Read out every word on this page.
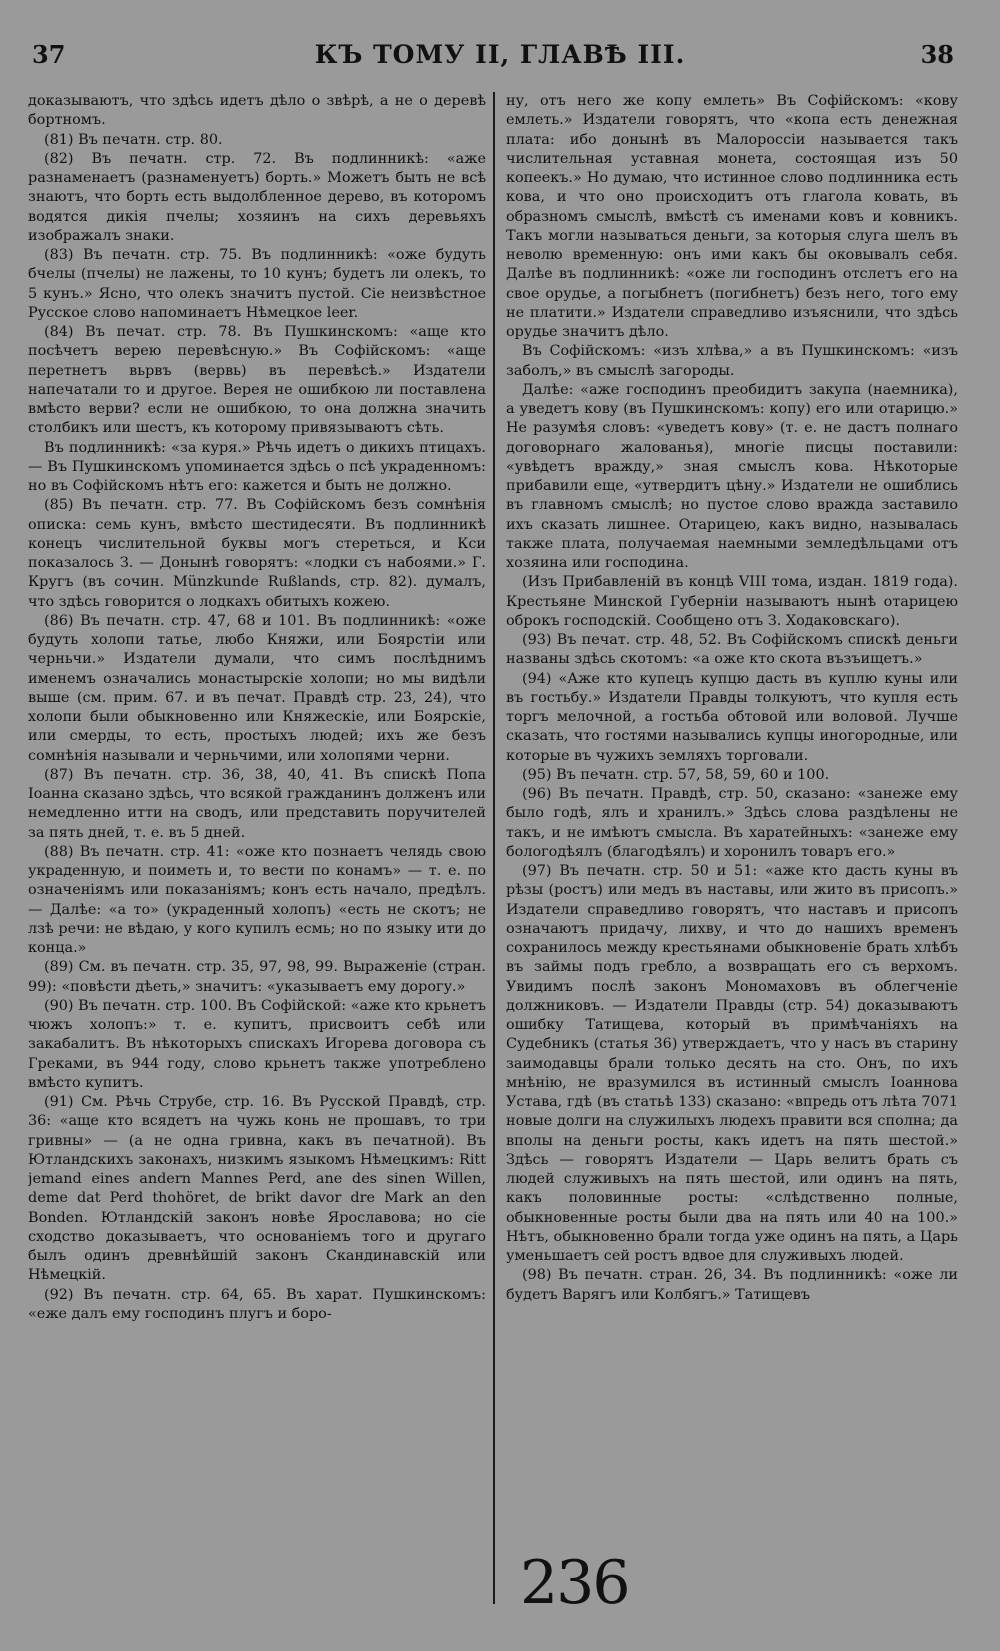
37	КЪ ТОМУ II, ГЛАВѢ III.	38

доказываютъ, что здѣсь идетъ дѣло о звѣрѣ, а не о деревѣ бортномъ.

(81) Въ печатн. стр. 80.

(82) Въ печатн. стр. 72. Въ подлинникѣ: «аже разнаменаетъ (разнаменуетъ) борть.» Можетъ быть не всѣ знаютъ, что борть есть выдолбленное дерево, въ которомъ водятся дикія пчелы; хозяинъ на сихъ деревьяхъ изображалъ знаки.

(83) Въ печатн. стр. 75. Въ подлинникѣ: «оже будуть бчелы (пчелы) не лажены, то 10 кунъ; будетъ ли олекъ, то 5 кунъ.» Ясно, что олекъ значитъ пустой. Сіе неизвѣстное Русское слово напоминаетъ Нѣмецкое leer.

(84) Въ печат. стр. 78. Въ Пушкинскомъ: «аще кто посѣчетъ верею перевѣсную.» Въ Софійскомъ: «аще перетнетъ вьрвъ (вервь) въ перевѣсѣ.» Издатели напечатали то и другое. Верея не ошибкою ли поставлена вмѣсто верви? если не ошибкою, то она должна значить столбикъ или шестъ, къ которому привязываютъ сѣть.

Въ подлинникѣ: «за куря.» Рѣчь идетъ о дикихъ птицахъ. — Въ Пушкинскомъ упоминается здѣсь о псѣ украденномъ: но въ Софійскомъ нѣтъ его: кажется и быть не должно.

(85) Въ печатн. стр. 77. Въ Софійскомъ безъ сомнѣнія описка: семь кунъ, вмѣсто шестидесяти. Въ подлинникѣ конецъ числительной буквы могъ стереться, и Кси показалось З. — Донынѣ говорятъ: «лодки съ набоями.» Г. Кругъ (въ сочин. Münzkunde Rußlands, стр. 82). думалъ, что здѣсь говорится о лодкахъ обитыхъ кожею.

(86) Въ печатн. стр. 47, 68 и 101. Въ подлинникѣ: «оже будуть холопи татье, любо Княжи, или Боярстіи или черньчи.» Издатели думали, что симъ послѣднимъ именемъ означались монастырскіе холопи; но мы видѣли выше (см. прим. 67. и въ печат. Правдѣ стр. 23, 24), что холопи были обыкновенно или Княжескіе, или Боярскіе, или смерды, то есть, простыхъ людей; ихъ же безъ сомнѣнія называли и черньчими, или холопями черни.

(87) Въ печатн. стр. 36, 38, 40, 41. Въ спискѣ Попа Іоанна сказано здѣсь, что всякой гражданинъ долженъ или немедленно итти на сводъ, или представить поручителей за пять дней, т. е. въ 5 дней.

(88) Въ печатн. стр. 41: «оже кто познаетъ челядь свою украденную, и поиметь и, то вести по конамъ» — т. е. по означеніямъ или показаніямъ; конъ есть начало, предѣлъ. — Далѣе: «а то» (украденный холопъ) «есть не скотъ; не лзѣ речи: не вѣдаю, у кого купилъ есмь; но по языку ити до конца.»

(89) См. въ печатн. стр. 35, 97, 98, 99. Выраженіе (стран. 99): «повѣсти дѣеть,» значитъ: «указываетъ ему дорогу.»

(90) Въ печатн. стр. 100. Въ Софійской: «аже кто крьнетъ чюжъ холопъ:» т. е. купитъ, присвоитъ себѣ или закабалитъ. Въ нѣкоторыхъ спискахъ Игорева договора съ Греками, въ 944 году, слово крьнетъ также употреблено вмѣсто купитъ.

(91) См. Рѣчь Струбе, стр. 16. Въ Русской Правдѣ, стр. 36: «аще кто всядетъ на чужь конь не прошавъ, то три гривны» — (а не одна гривна, какъ въ печатной). Въ Ютландскихъ законахъ, низкимъ языкомъ Нѣмецкимъ: Ritt jemand eines andern Mannes Perd, ane des sinen Willen, deme dat Perd thohöret, de brikt davor dre Mark an den Bonden. Ютландскій законъ новѣе Ярославова; но сіе сходство доказываетъ, что основаніемъ того и другаго былъ одинъ древнѣйшій законъ Скандинавскій или Нѣмецкій.

(92) Въ печатн. стр. 64, 65. Въ харат. Пушкинскомъ: «еже далъ ему господинъ плугъ и боро-

ну, отъ него же копу емлеть» Въ Софійскомъ: «кову емлеть.» Издатели говорятъ, что «копа есть денежная плата: ибо донынѣ въ Малороссіи называется такъ числительная уставная монета, состоящая изъ 50 копеекъ.» Но думаю, что истинное слово подлинника есть кова, и что оно происходитъ отъ глагола ковать, въ образномъ смыслѣ, вмѣстѣ съ именами ковъ и ковникъ. Такъ могли называться деньги, за которыя слуга шелъ въ неволю временную: онъ ими какъ бы оковывалъ себя. Далѣе въ подлинникѣ: «оже ли господинъ отслетъ его на свое орудье, а погыбнетъ (погибнетъ) безъ него, того ему не платити.» Издатели справедливо изъяснили, что здѣсь орудье значитъ дѣло.

Въ Софійскомъ: «изъ хлѣва,» а въ Пушкинскомъ: «изъ заболъ,» въ смыслѣ загороды.

Далѣе: «аже господинъ преобидитъ закупа (наемника), а уведетъ кову (въ Пушкинскомъ: копу) его или отарицю.» Не разумѣя словъ: «уведетъ кову» (т. е. не дастъ полнаго договорнаго жалованья), многіе писцы поставили: «увѣдетъ вражду,» зная смыслъ кова. Нѣкоторые прибавили еще, «утвердитъ цѣну.» Издатели не ошиблись въ главномъ смыслѣ; но пустое слово вражда заставило ихъ сказать лишнее. Отарицею, какъ видно, называлась также плата, получаемая наемными земледѣльцами отъ хозяина или господина.

(Изъ Прибавленій въ концѣ VIII тома, издан. 1819 года). Крестьяне Минской Губерніи называютъ нынѣ отарицею оброкъ господскій. Сообщено отъ З. Ходаковскаго).

(93) Въ печат. стр. 48, 52. Въ Софійскомъ спискѣ деньги названы здѣсь скотомъ: «а оже кто скота възъищетъ.»

(94) «Аже кто купецъ купцю дасть въ куплю куны или въ гостьбу.» Издатели Правды толкуютъ, что купля есть торгъ мелочной, а гостьба обтовой или воловой. Лучше сказать, что гостями назывались купцы иногородные, или которые въ чужихъ земляхъ торговали.

(95) Въ печатн. стр. 57, 58, 59, 60 и 100.

(96) Въ печатн. Правдѣ, стр. 50, сказано: «занеже ему было годѣ, ялъ и хранилъ.» Здѣсь слова раздѣлены не такъ, и не имѣютъ смысла. Въ харатейныхъ: «занеже ему бологодѣялъ (благодѣялъ) и хоронилъ товаръ его.»

(97) Въ печатн. стр. 50 и 51: «аже кто дасть куны въ рѣзы (ростъ) или медъ въ наставы, или жито въ присопъ.» Издатели справедливо говорятъ, что наставъ и присопъ означаютъ придачу, лихву, и что до нашихъ временъ сохранилось между крестьянами обыкновеніе брать хлѣбъ въ займы подъ гребло, а возвращать его съ верхомъ. Увидимъ послѣ законъ Мономаховъ въ облегченіе должниковъ. — Издатели Правды (стр. 54) доказываютъ ошибку Татищева, который въ примѣчаніяхъ на Судебникъ (статья 36) утверждаетъ, что у насъ въ старину заимодавцы брали только десять на сто. Онъ, по ихъ мнѣнію, не вразумился въ истинный смыслъ Іоаннова Устава, гдѣ (въ статьѣ 133) сказано: «впредь отъ лѣта 7071 новые долги на служилыхъ людехъ правити вся сполна; да вполы на деньги росты, какъ идетъ на пять шестой.» Здѣсь — говорятъ Издатели — Царь велитъ брать съ людей служивыхъ на пять шестой, или одинъ на пять, какъ половинные росты: «слѣдственно полные, обыкновенные росты были два на пять или 40 на 100.» Нѣтъ, обыкновенно брали тогда уже одинъ на пять, а Царь уменьшаетъ сей ростъ вдвое для служивыхъ людей.

(98) Въ печатн. стран. 26, 34. Въ подлинникѣ: «оже ли будетъ Варягъ или Колбягъ.» Татищевъ

236
